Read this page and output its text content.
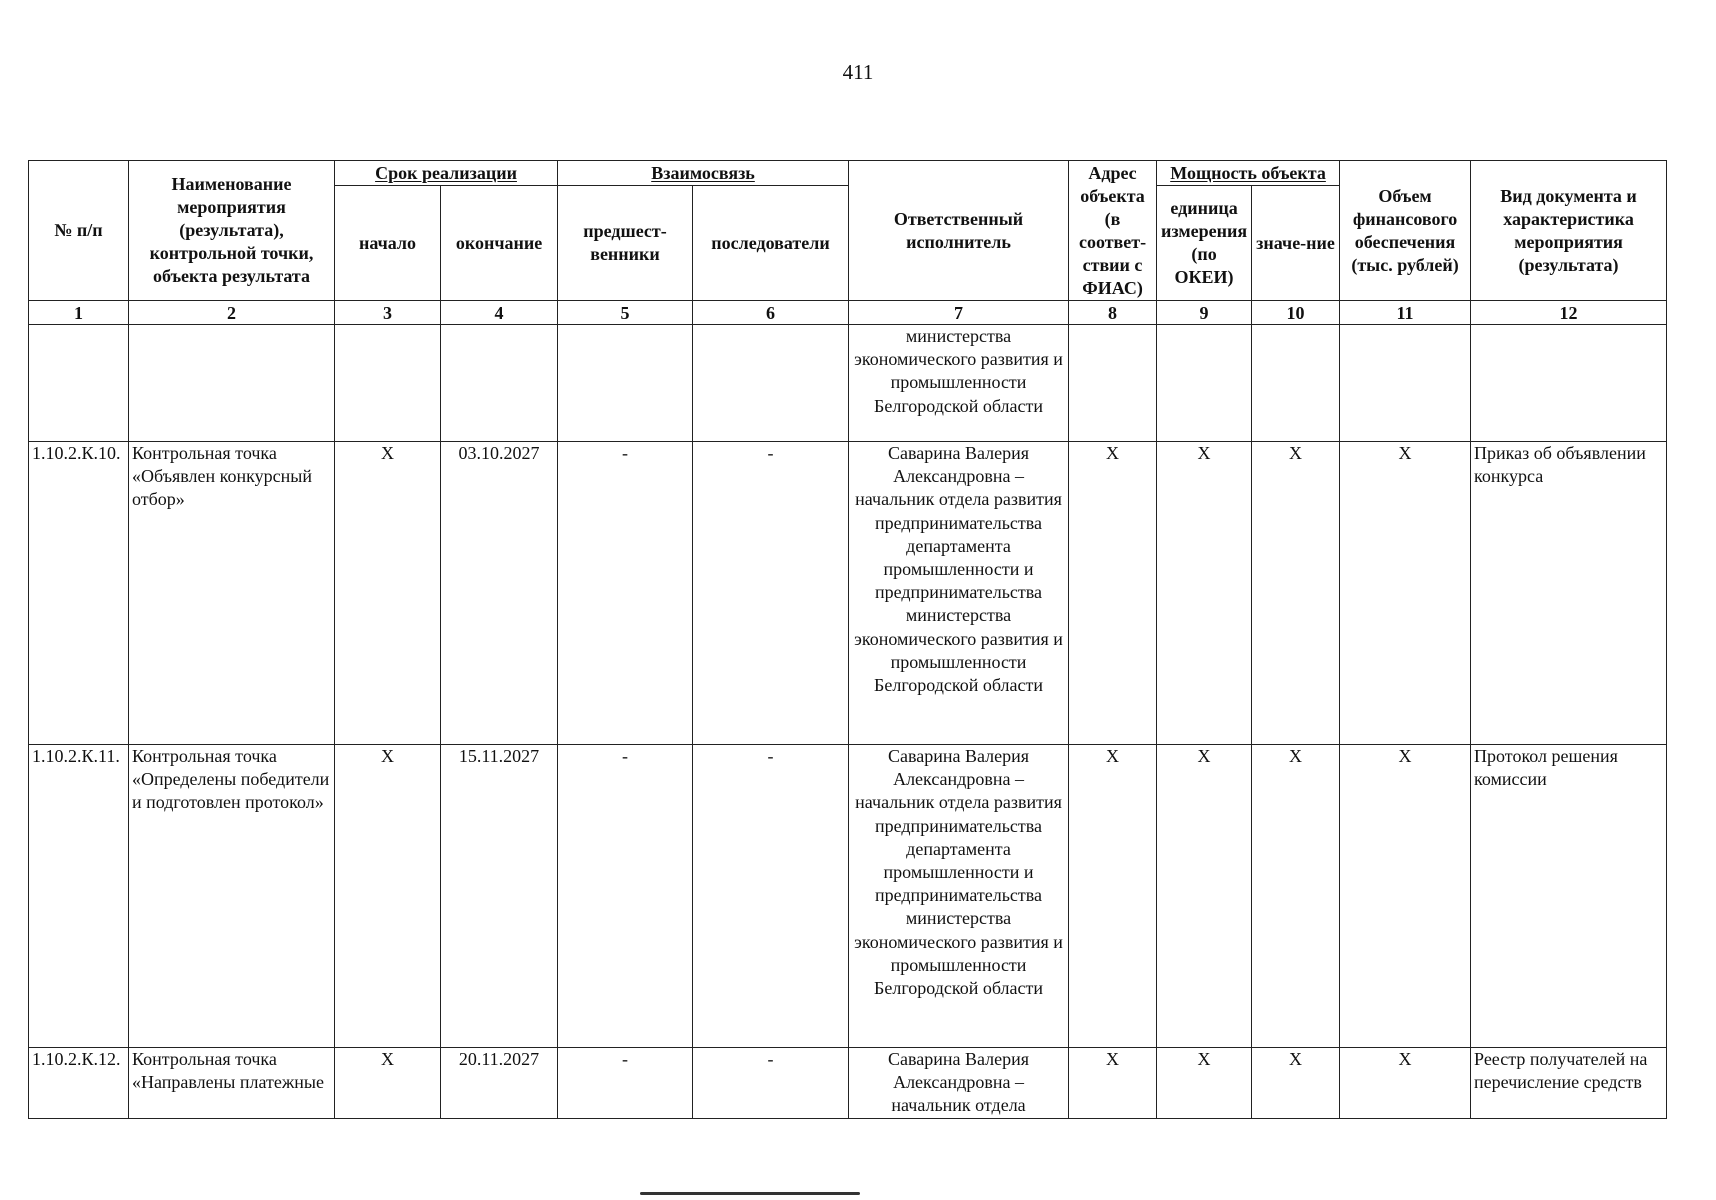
411
№ п/п	Наименование мероприятия (результата), контрольной точки, объекта результата	Срок реализации		Взаимосвязь		Ответственный исполнитель	Адрес объекта (в соответ-ствии с ФИАС)	Мощность объекта		Объем финансового обеспечения (тыс. рублей)	Вид документа и характеристика мероприятия (результата)
		начало	окончание	предшест-венники	последователи			единица измерения (по ОКЕИ)	значе-ние		
1	2	3	4	5	6	7	8	9	10	11	12
						министерства экономического развития и промышленности Белгородской области					
1.10.2.К.10.	Контрольная точка «Объявлен конкурсный отбор»	X	03.10.2027	-	-	Саварина Валерия Александровна – начальник отдела развития предпринимательства департамента промышленности и предпринимательства министерства экономического развития и промышленности Белгородской области	X	X	X	X	Приказ об объявлении конкурса
1.10.2.К.11.	Контрольная точка «Определены победители и подготовлен протокол»	X	15.11.2027	-	-	Саварина Валерия Александровна – начальник отдела развития предпринимательства департамента промышленности и предпринимательства министерства экономического развития и промышленности Белгородской области	X	X	X	X	Протокол решения комиссии
1.10.2.К.12.	Контрольная точка «Направлены платежные	X	20.11.2027	-	-	Саварина Валерия Александровна – начальник отдела	X	X	X	X	Реестр получателей на перечисление средств
